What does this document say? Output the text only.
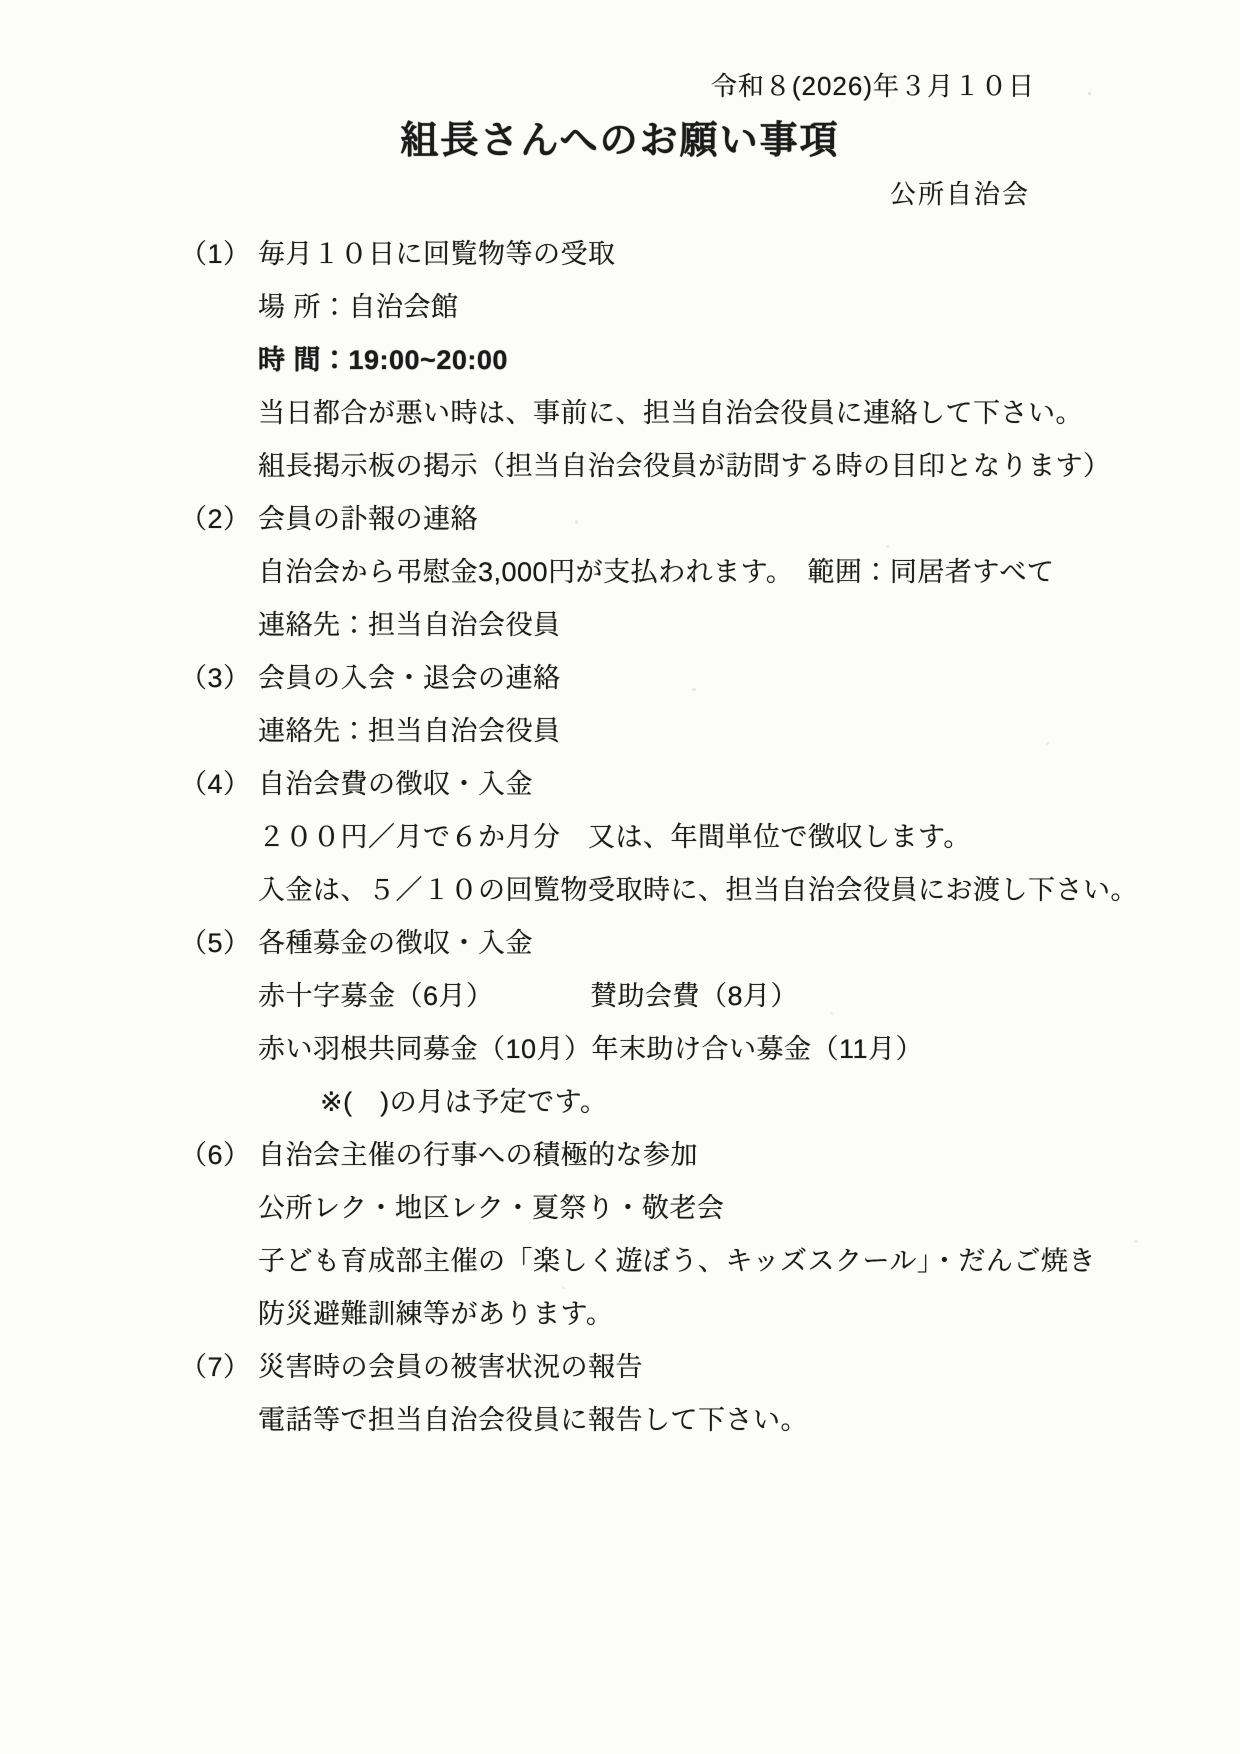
令和８(2026)年３月１０日
組長さんへのお願い事項
公所自治会
（1） 毎月１０日に回覧物等の受取
場 所：自治会館
時 間：19:00~20:00
当日都合が悪い時は、事前に、担当自治会役員に連絡して下さい。
組長掲示板の掲示（担当自治会役員が訪問する時の目印となります）
（2） 会員の訃報の連絡
自治会から弔慰金3,000円が支払われます。　範囲：同居者すべて
連絡先：担当自治会役員
（3） 会員の入会・退会の連絡
連絡先：担当自治会役員
（4） 自治会費の徴収・入金
２００円／月で６か月分　又は、年間単位で徴収します。
入金は、５／１０の回覧物受取時に、担当自治会役員にお渡し下さい。
（5） 各種募金の徴収・入金
赤十字募金（6月）	賛助会費（8月）
赤い羽根共同募金（10月）年末助け合い募金（11月）
※(　)の月は予定です。
（6） 自治会主催の行事への積極的な参加
公所レク・地区レク・夏祭り・敬老会
子ども育成部主催の「楽しく遊ぼう、キッズスクール」・だんご焼き
防災避難訓練等があります。
（7） 災害時の会員の被害状況の報告
電話等で担当自治会役員に報告して下さい。
